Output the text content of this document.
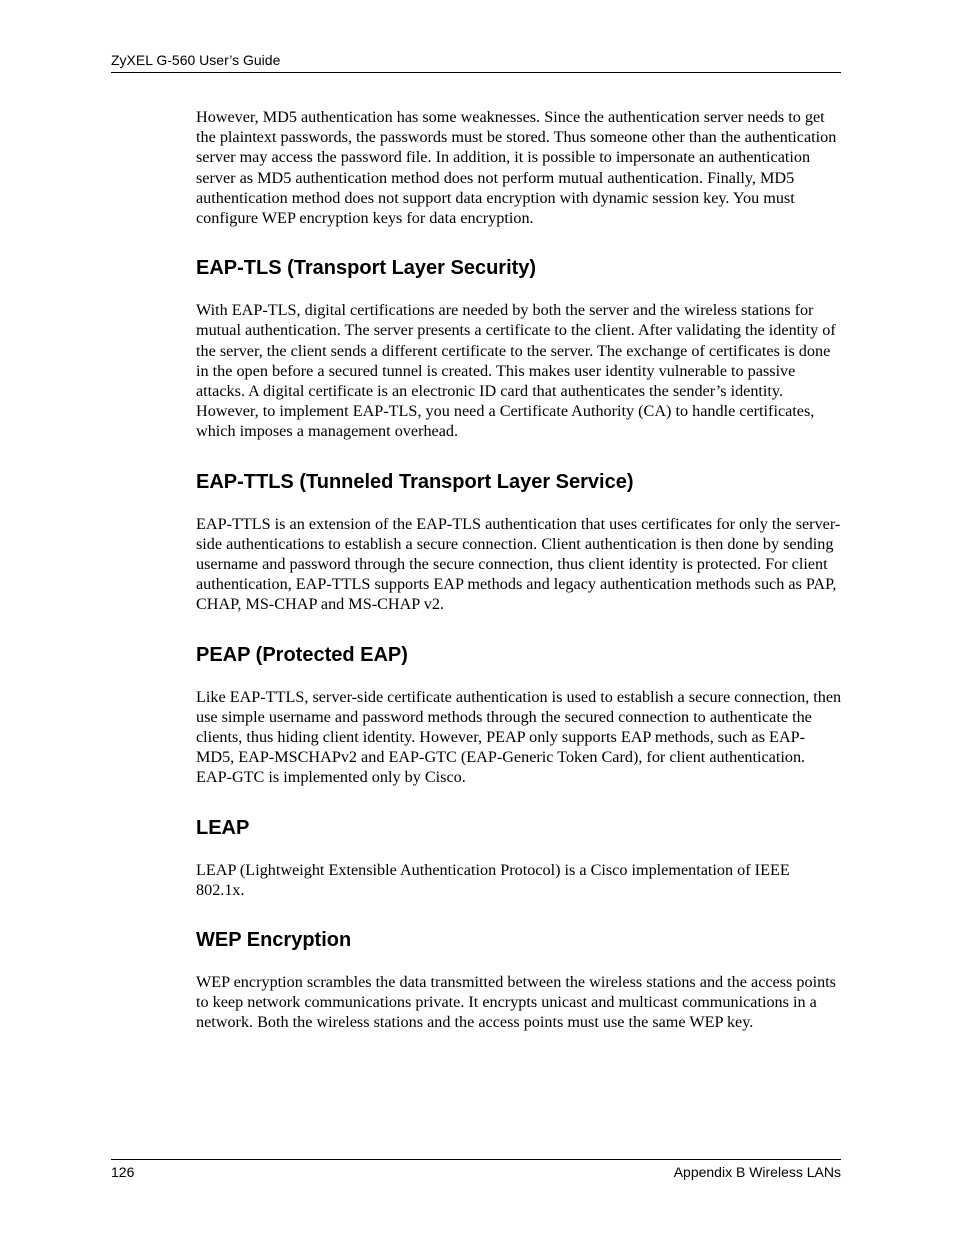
ZyXEL G-560 User’s Guide

However, MD5 authentication has some weaknesses. Since the authentication server needs to get the plaintext passwords, the passwords must be stored. Thus someone other than the authentication server may access the password file. In addition, it is possible to impersonate an authentication server as MD5 authentication method does not perform mutual authentication. Finally, MD5 authentication method does not support data encryption with dynamic session key. You must configure WEP encryption keys for data encryption.

EAP-TLS (Transport Layer Security)

With EAP-TLS, digital certifications are needed by both the server and the wireless stations for mutual authentication. The server presents a certificate to the client. After validating the identity of the server, the client sends a different certificate to the server. The exchange of certificates is done in the open before a secured tunnel is created. This makes user identity vulnerable to passive attacks. A digital certificate is an electronic ID card that authenticates the sender’s identity. However, to implement EAP-TLS, you need a Certificate Authority (CA) to handle certificates, which imposes a management overhead.

EAP-TTLS (Tunneled Transport Layer Service)

EAP-TTLS is an extension of the EAP-TLS authentication that uses certificates for only the server-side authentications to establish a secure connection. Client authentication is then done by sending username and password through the secure connection, thus client identity is protected. For client authentication, EAP-TTLS supports EAP methods and legacy authentication methods such as PAP, CHAP, MS-CHAP and MS-CHAP v2.

PEAP (Protected EAP)

Like EAP-TTLS, server-side certificate authentication is used to establish a secure connection, then use simple username and password methods through the secured connection to authenticate the clients, thus hiding client identity. However, PEAP only supports EAP methods, such as EAP-MD5, EAP-MSCHAPv2 and EAP-GTC (EAP-Generic Token Card), for client authentication. EAP-GTC is implemented only by Cisco.

LEAP

LEAP (Lightweight Extensible Authentication Protocol) is a Cisco implementation of IEEE 802.1x.

WEP Encryption

WEP encryption scrambles the data transmitted between the wireless stations and the access points to keep network communications private. It encrypts unicast and multicast communications in a network. Both the wireless stations and the access points must use the same WEP key.

126	Appendix B Wireless LANs
